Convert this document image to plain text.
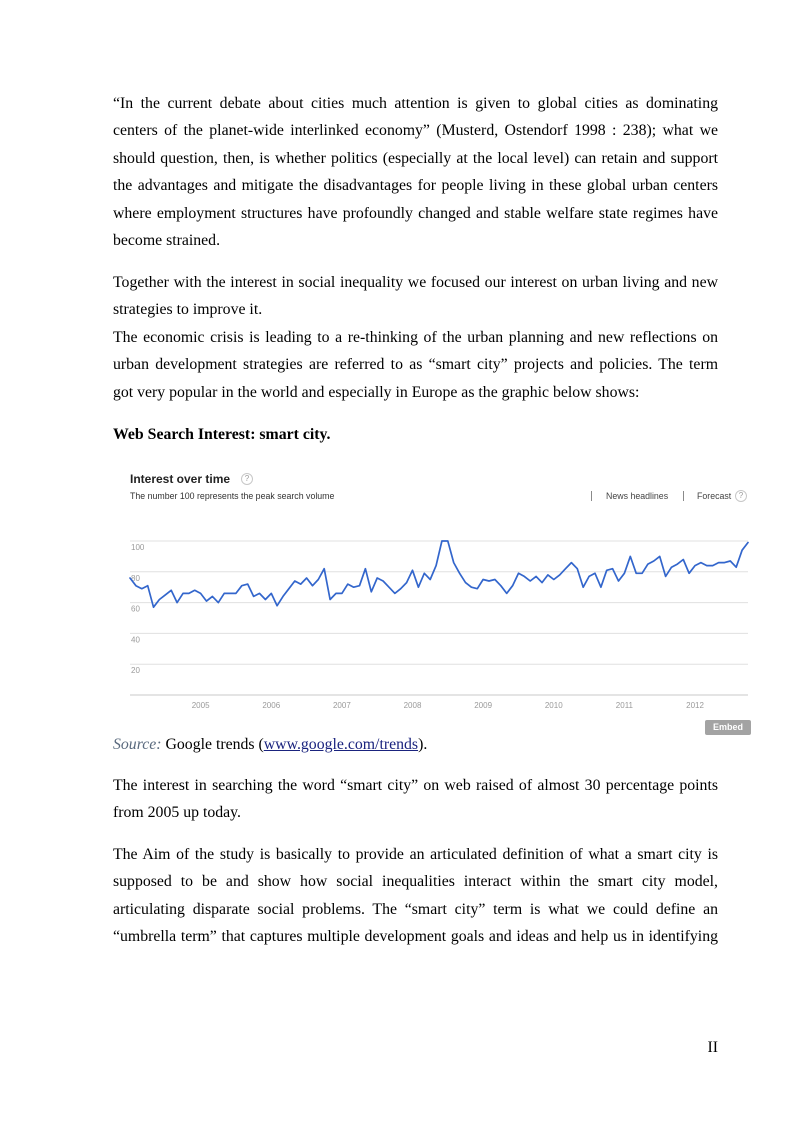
“In the current debate about cities much attention is given to global cities as dominating
centers of the planet-wide interlinked economy” (Musterd, Ostendorf 1998 : 238); what we
should question, then, is whether politics (especially at the local level) can retain and support
the advantages and mitigate the disadvantages for people living in these global urban centers
where employment structures have profoundly changed and stable welfare state regimes have
become strained.
Together with the interest in social inequality we focused our interest on urban living and new
strategies to improve it.
The economic crisis is leading to a re-thinking of the urban planning and new reflections on
urban development strategies are referred to as “smart city” projects and policies. The term
got very popular in the world and especially in Europe as the graphic below shows:
Web Search Interest: smart city.
Interest over time	?
The number 100 represents the peak search volume	News headlines	Forecast ?
20
40
60
80
100
2005	2006	2007	2008	2009	2010	2011	2012
Embed
Source: Google trends (www.google.com/trends).
The interest in searching the word “smart city” on web raised of almost 30 percentage points
from 2005 up today.
The Aim of the study is basically to provide an articulated definition of what a smart city is
supposed to be and show how social inequalities interact within the smart city model,
articulating disparate social problems. The “smart city” term is what we could define an
“umbrella term” that captures multiple development goals and ideas and help us in identifying
II
